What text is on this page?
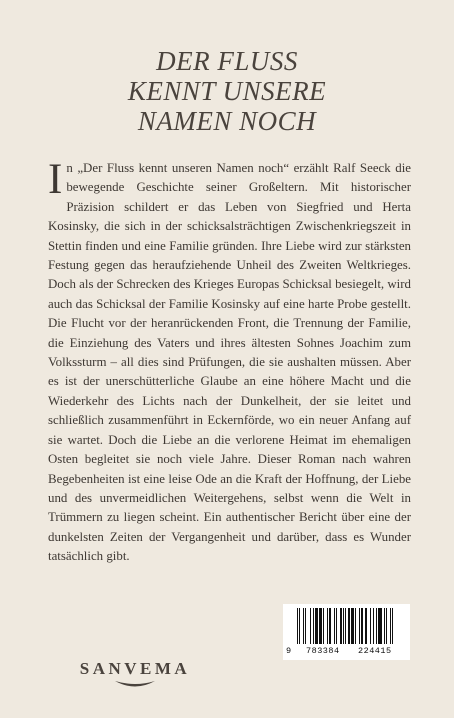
DER FLUSS
KENNT UNSERE
NAMEN NOCH
In „Der Fluss kennt unseren Namen noch“ erzählt Ralf Seeck die bewegende Geschichte seiner Großeltern. Mit historischer Präzision schildert er das Leben von Siegfried und Herta Kosinsky, die sich in der schicksalsträchtigen Zwischenkriegszeit in Stettin finden und eine Familie gründen. Ihre Liebe wird zur stärksten Festung gegen das heraufziehende Unheil des Zweiten Weltkrieges. Doch als der Schrecken des Krieges Europas Schicksal besiegelt, wird auch das Schicksal der Familie Kosinsky auf eine harte Probe gestellt. Die Flucht vor der heranrückenden Front, die Trennung der Familie, die Einziehung des Vaters und ihres ältesten Sohnes Joachim zum Volkssturm – all dies sind Prüfungen, die sie aushalten müssen. Aber es ist der unerschütterliche Glaube an eine höhere Macht und die Wiederkehr des Lichts nach der Dunkelheit, der sie leitet und schließlich zusammenführt in Eckernförde, wo ein neuer Anfang auf sie wartet. Doch die Liebe an die verlorene Heimat im ehemaligen Osten begleitet sie noch viele Jahre. Dieser Roman nach wahren Begebenheiten ist eine leise Ode an die Kraft der Hoffnung, der Liebe und des unvermeidlichen Weitergehens, selbst wenn die Welt in Trümmern zu liegen scheint. Ein authentischer Bericht über eine der dunkelsten Zeiten der Vergangenheit und darüber, dass es Wunder tatsächlich gibt.
9 783384 224415
SANVEMA
